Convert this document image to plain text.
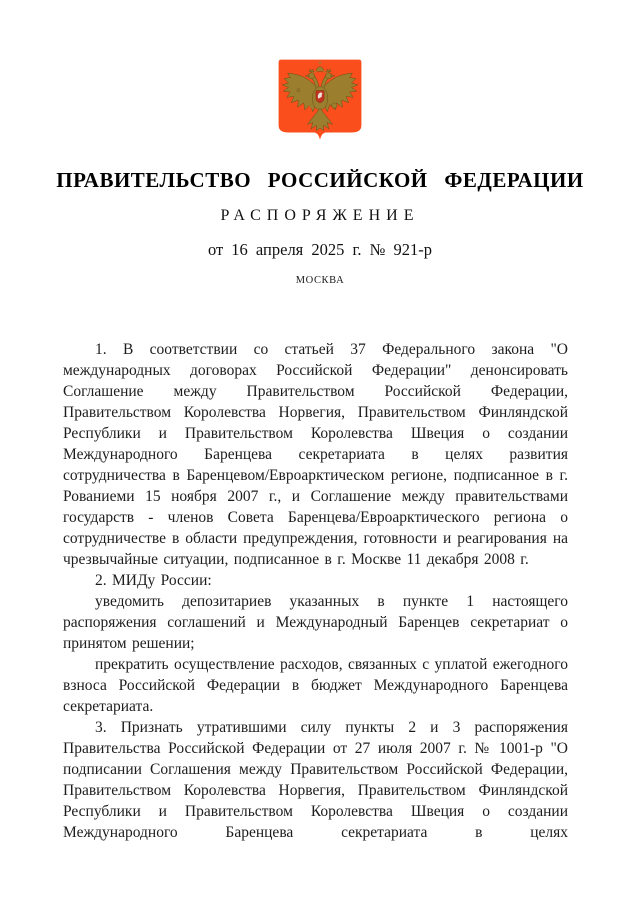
ПРАВИТЕЛЬСТВО РОССИЙСКОЙ ФЕДЕРАЦИИ
РАСПОРЯЖЕНИЕ
от 16 апреля 2025 г. № 921-р
МОСКВА

1. В соответствии со статьей 37 Федерального закона "О международных договорах Российской Федерации" денонсировать Соглашение между Правительством Российской Федерации, Правительством Королевства Норвегия, Правительством Финляндской Республики и Правительством Королевства Швеция о создании Международного Баренцева секретариата в целях развития сотрудничества в Баренцевом/Евроарктическом регионе, подписанное в г. Рованиеми 15 ноября 2007 г., и Соглашение между правительствами государств - членов Совета Баренцева/Евроарктического региона о сотрудничестве в области предупреждения, готовности и реагирования на чрезвычайные ситуации, подписанное в г. Москве 11 декабря 2008 г.

2. МИДу России:

уведомить депозитариев указанных в пункте 1 настоящего распоряжения соглашений и Международный Баренцев секретариат о принятом решении;

прекратить осуществление расходов, связанных с уплатой ежегодного взноса Российской Федерации в бюджет Международного Баренцева секретариата.

3. Признать утратившими силу пункты 2 и 3 распоряжения Правительства Российской Федерации от 27 июля 2007 г. № 1001-р "О подписании Соглашения между Правительством Российской Федерации, Правительством Королевства Норвегия, Правительством Финляндской Республики и Правительством Королевства Швеция о создании Международного Баренцева секретариата в целях
